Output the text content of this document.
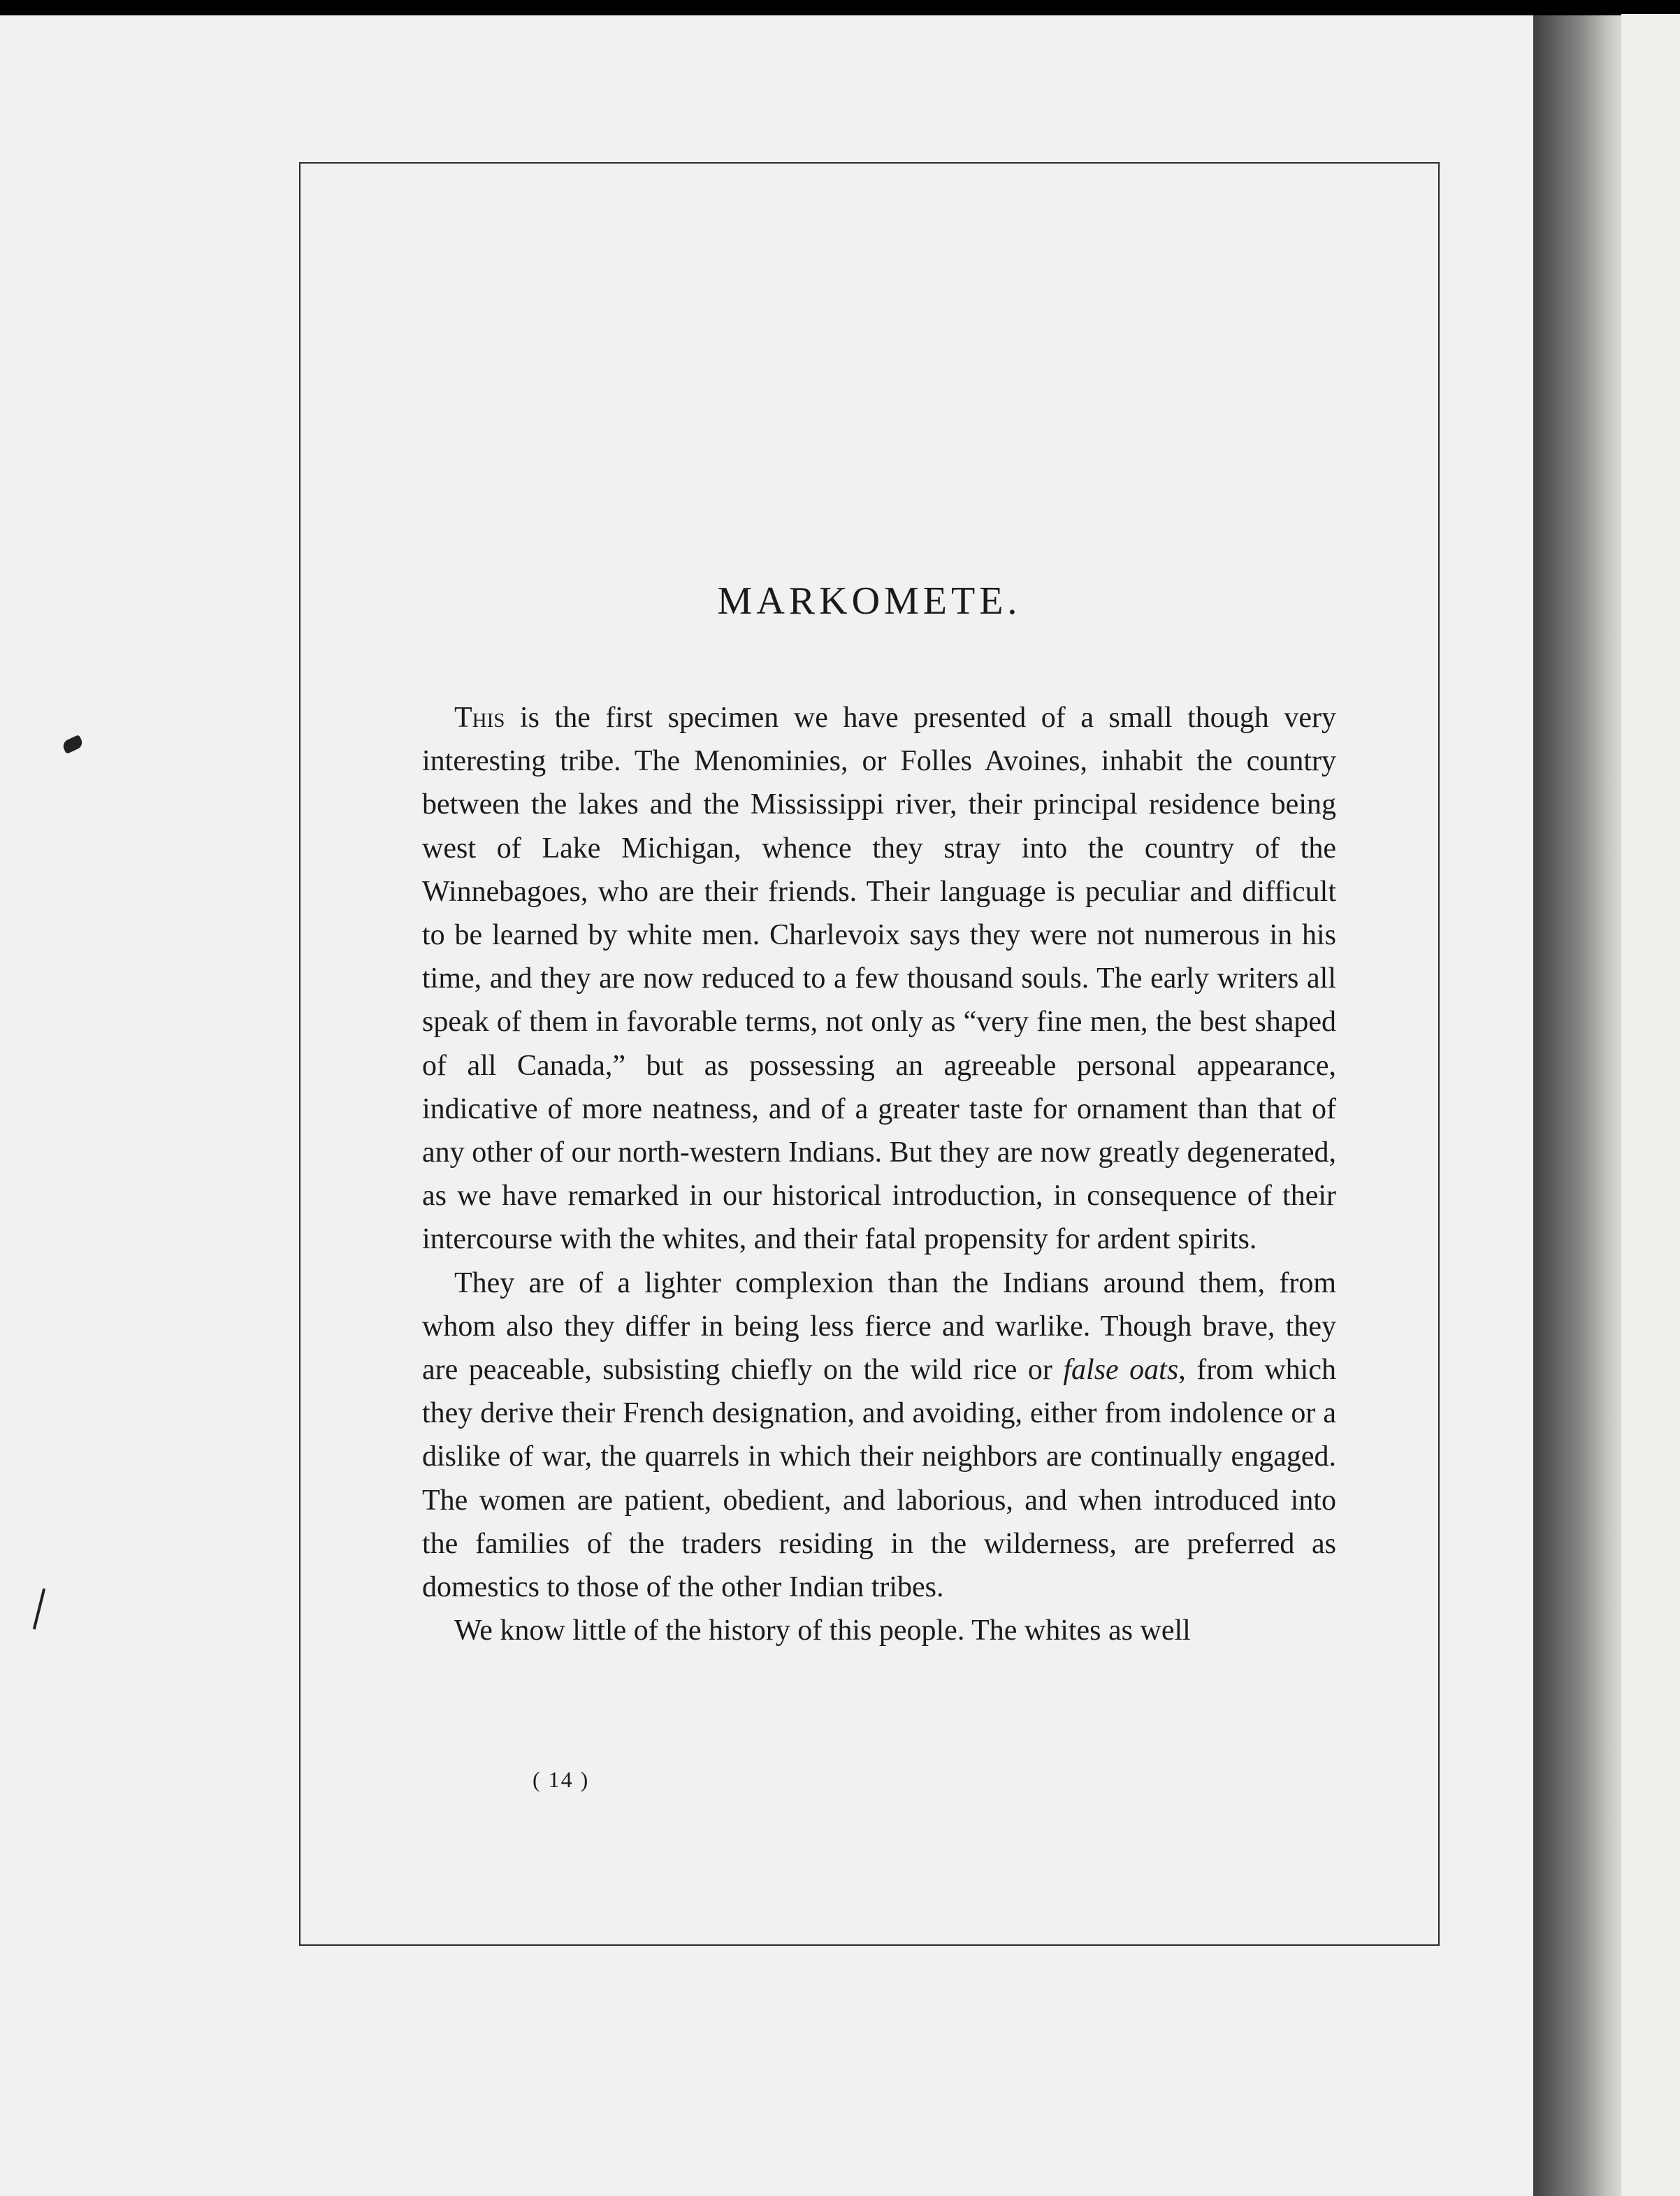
MARKOMETE.

This is the first specimen we have presented of a small though very interesting tribe. The Menominies, or Folles Avoines, inhabit the country between the lakes and the Mississippi river, their principal residence being west of Lake Michigan, whence they stray into the country of the Winnebagoes, who are their friends. Their language is peculiar and difficult to be learned by white men. Charlevoix says they were not numerous in his time, and they are now reduced to a few thousand souls. The early writers all speak of them in favorable terms, not only as “very fine men, the best shaped of all Canada,” but as possessing an agreeable personal appearance, indicative of more neatness, and of a greater taste for ornament than that of any other of our north-western Indians. But they are now greatly degenerated, as we have remarked in our historical introduction, in consequence of their intercourse with the whites, and their fatal propensity for ardent spirits.

They are of a lighter complexion than the Indians around them, from whom also they differ in being less fierce and warlike. Though brave, they are peaceable, subsisting chiefly on the wild rice or false oats, from which they derive their French designation, and avoiding, either from indolence or a dislike of war, the quarrels in which their neighbors are continually engaged. The women are patient, obedient, and laborious, and when introduced into the families of the traders residing in the wilderness, are preferred as domestics to those of the other Indian tribes.

We know little of the history of this people. The whites as well

( 14 )
